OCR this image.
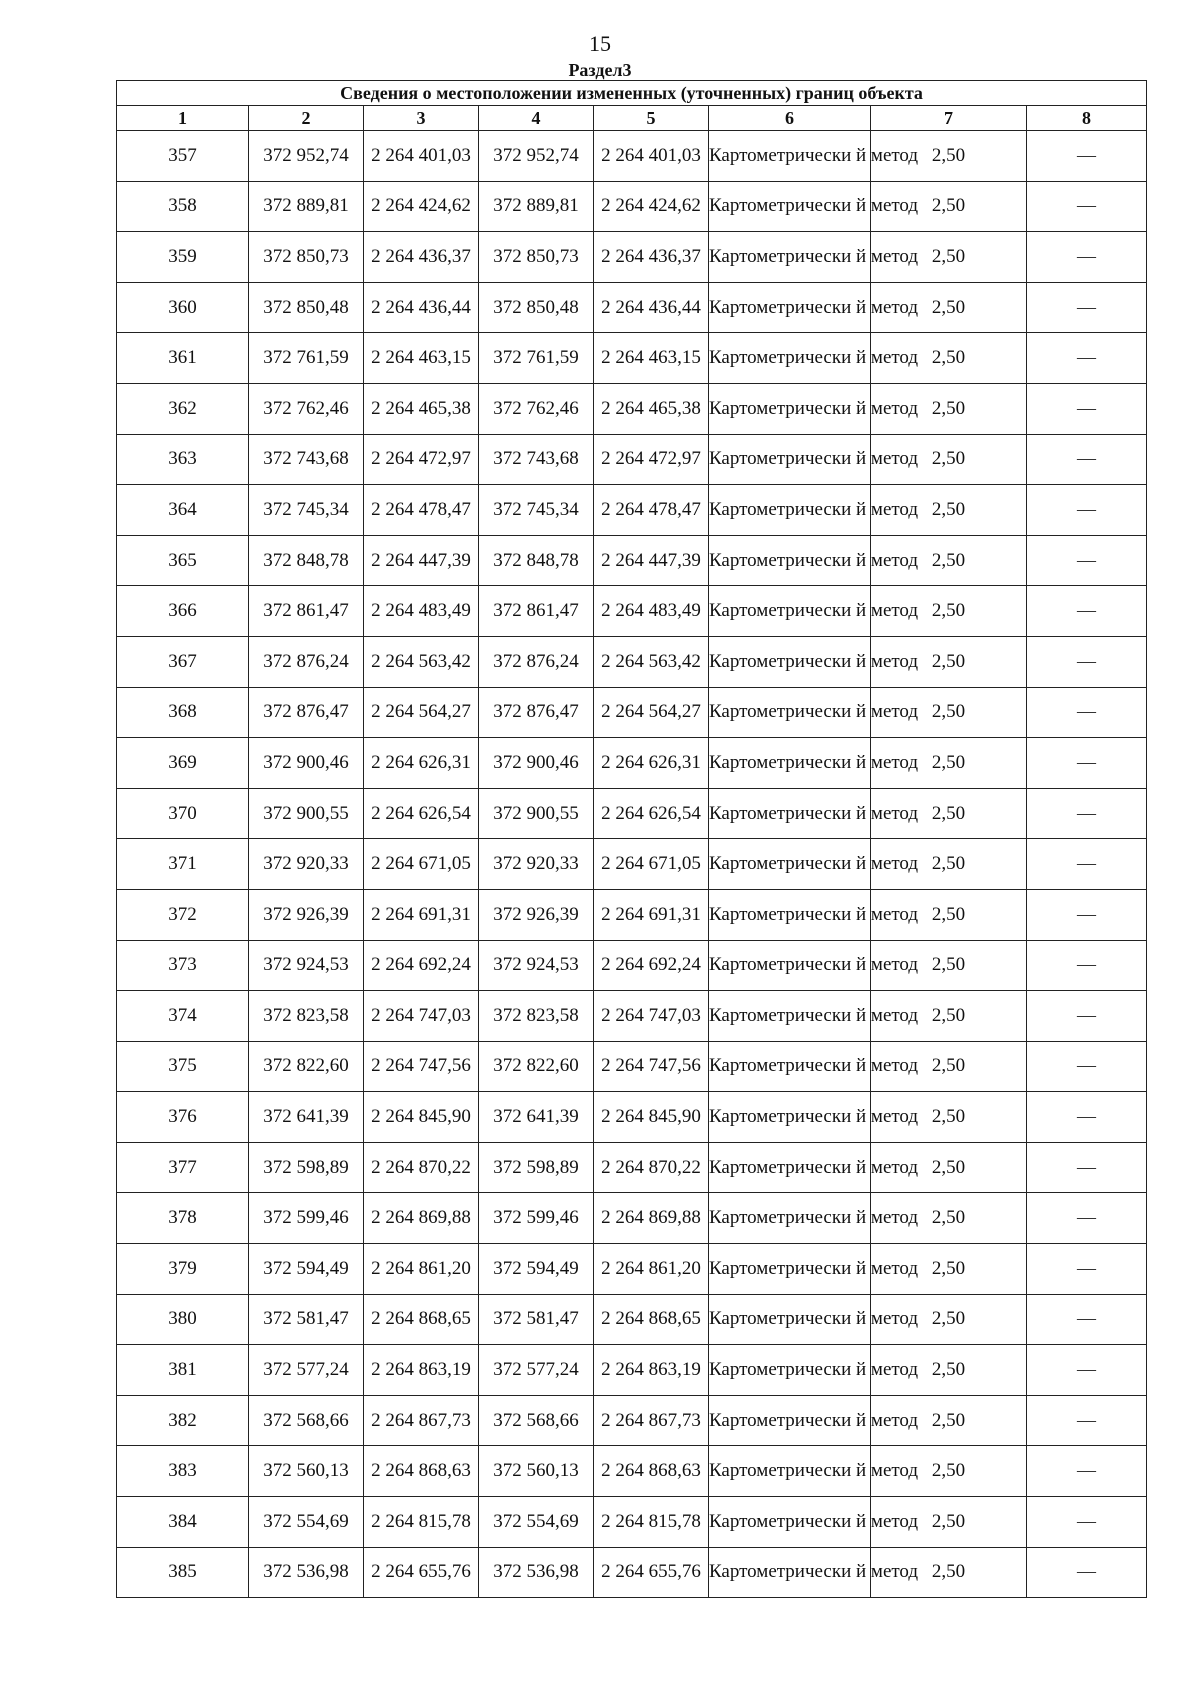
15
Раздел3
Сведения о местоположении измененных (уточненных) границ объекта							
1	2	3	4	5	6	7	8
357	372 952,74	2 264 401,03	372 952,74	2 264 401,03	Картометрически й метод	2,50	—
358	372 889,81	2 264 424,62	372 889,81	2 264 424,62	Картометрически й метод	2,50	—
359	372 850,73	2 264 436,37	372 850,73	2 264 436,37	Картометрически й метод	2,50	—
360	372 850,48	2 264 436,44	372 850,48	2 264 436,44	Картометрически й метод	2,50	—
361	372 761,59	2 264 463,15	372 761,59	2 264 463,15	Картометрически й метод	2,50	—
362	372 762,46	2 264 465,38	372 762,46	2 264 465,38	Картометрически й метод	2,50	—
363	372 743,68	2 264 472,97	372 743,68	2 264 472,97	Картометрически й метод	2,50	—
364	372 745,34	2 264 478,47	372 745,34	2 264 478,47	Картометрически й метод	2,50	—
365	372 848,78	2 264 447,39	372 848,78	2 264 447,39	Картометрически й метод	2,50	—
366	372 861,47	2 264 483,49	372 861,47	2 264 483,49	Картометрически й метод	2,50	—
367	372 876,24	2 264 563,42	372 876,24	2 264 563,42	Картометрически й метод	2,50	—
368	372 876,47	2 264 564,27	372 876,47	2 264 564,27	Картометрически й метод	2,50	—
369	372 900,46	2 264 626,31	372 900,46	2 264 626,31	Картометрически й метод	2,50	—
370	372 900,55	2 264 626,54	372 900,55	2 264 626,54	Картометрически й метод	2,50	—
371	372 920,33	2 264 671,05	372 920,33	2 264 671,05	Картометрически й метод	2,50	—
372	372 926,39	2 264 691,31	372 926,39	2 264 691,31	Картометрически й метод	2,50	—
373	372 924,53	2 264 692,24	372 924,53	2 264 692,24	Картометрически й метод	2,50	—
374	372 823,58	2 264 747,03	372 823,58	2 264 747,03	Картометрически й метод	2,50	—
375	372 822,60	2 264 747,56	372 822,60	2 264 747,56	Картометрически й метод	2,50	—
376	372 641,39	2 264 845,90	372 641,39	2 264 845,90	Картометрически й метод	2,50	—
377	372 598,89	2 264 870,22	372 598,89	2 264 870,22	Картометрически й метод	2,50	—
378	372 599,46	2 264 869,88	372 599,46	2 264 869,88	Картометрически й метод	2,50	—
379	372 594,49	2 264 861,20	372 594,49	2 264 861,20	Картометрически й метод	2,50	—
380	372 581,47	2 264 868,65	372 581,47	2 264 868,65	Картометрически й метод	2,50	—
381	372 577,24	2 264 863,19	372 577,24	2 264 863,19	Картометрически й метод	2,50	—
382	372 568,66	2 264 867,73	372 568,66	2 264 867,73	Картометрически й метод	2,50	—
383	372 560,13	2 264 868,63	372 560,13	2 264 868,63	Картометрически й метод	2,50	—
384	372 554,69	2 264 815,78	372 554,69	2 264 815,78	Картометрически й метод	2,50	—
385	372 536,98	2 264 655,76	372 536,98	2 264 655,76	Картометрически й метод	2,50	—
